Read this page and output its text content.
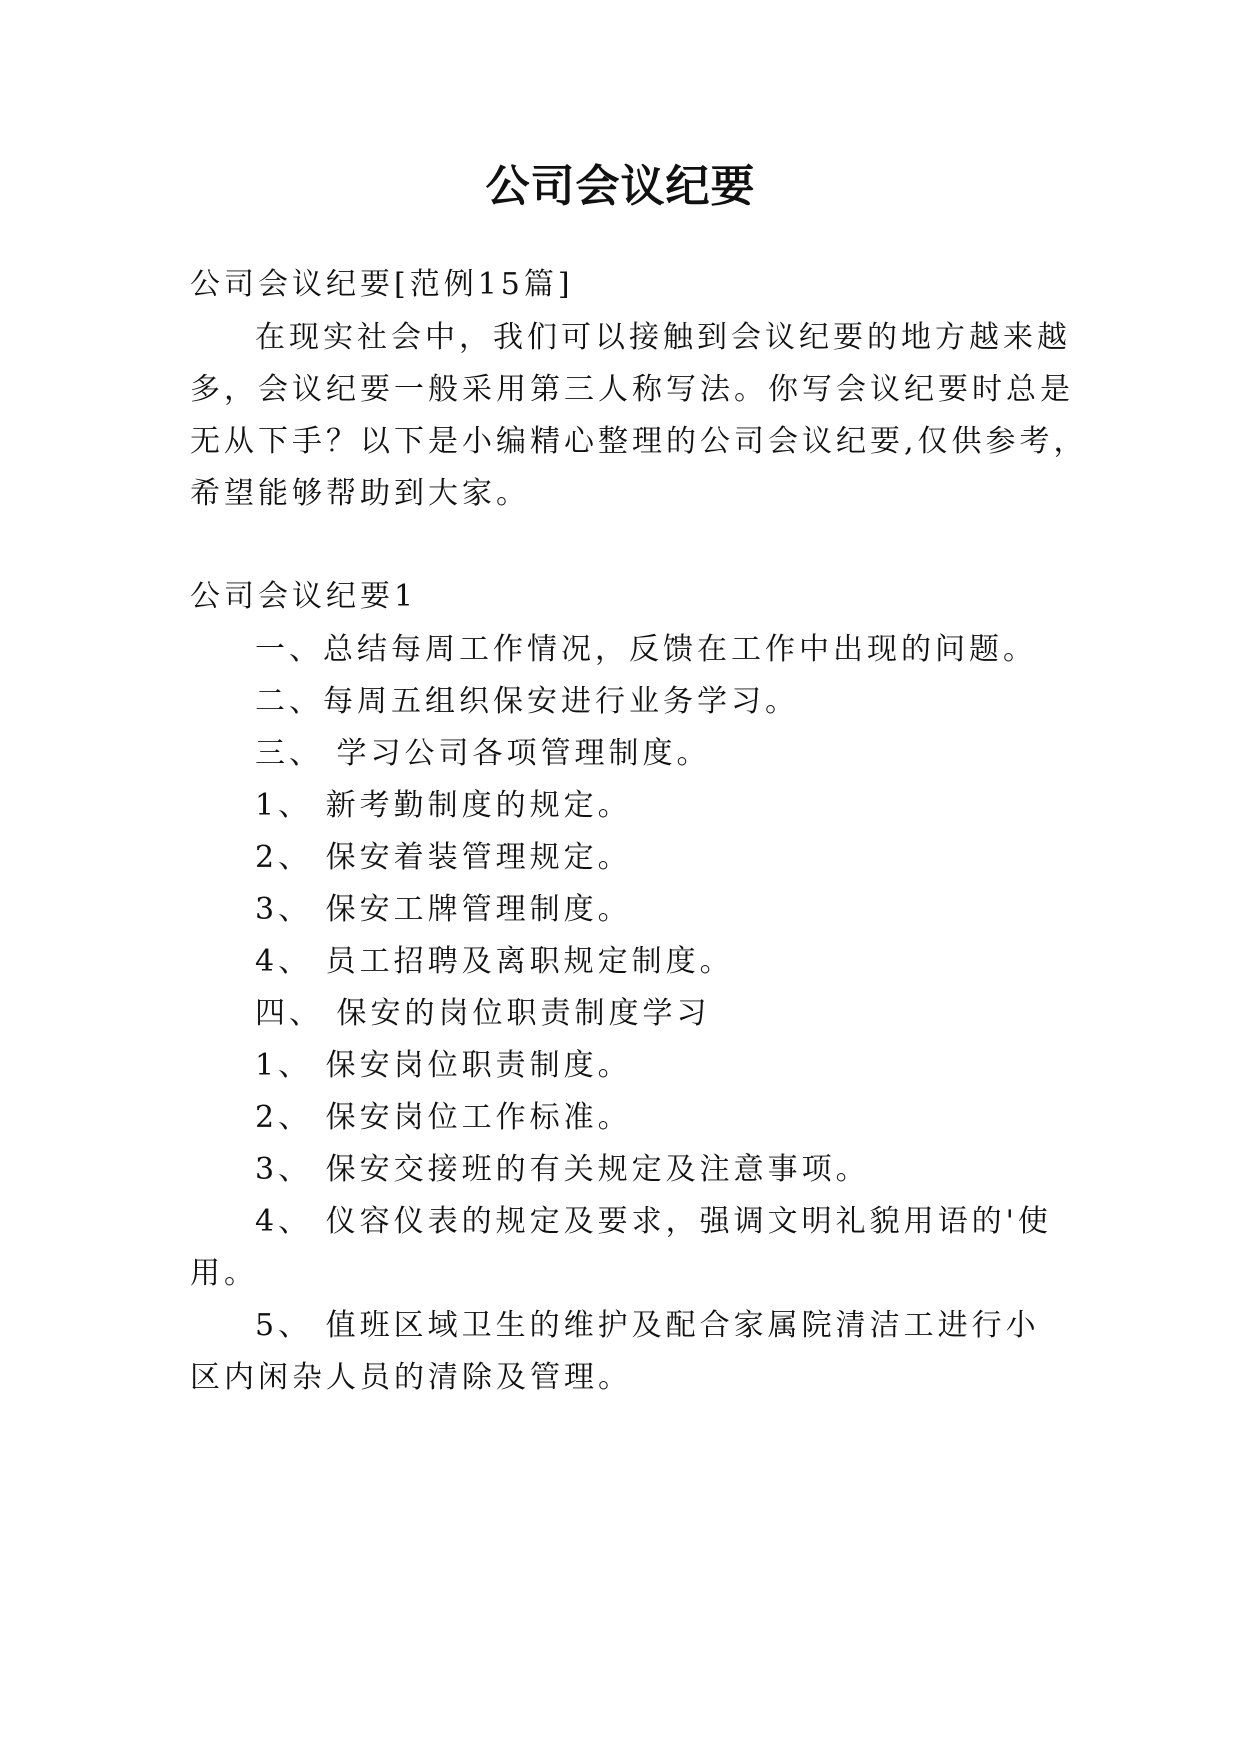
公司会议纪要
公司会议纪要[范例15篇]
在现实社会中，我们可以接触到会议纪要的地方越来越
多，会议纪要一般采用第三人称写法。你写会议纪要时总是
无从下手？以下是小编精心整理的公司会议纪要,仅供参考，
希望能够帮助到大家。
公司会议纪要1
一、总结每周工作情况，反馈在工作中出现的问题。
二、每周五组织保安进行业务学习。
三、 学习公司各项管理制度。
1、 新考勤制度的规定。
2、 保安着装管理规定。
3、 保安工牌管理制度。
4、 员工招聘及离职规定制度。
四、 保安的岗位职责制度学习
1、 保安岗位职责制度。
2、 保安岗位工作标准。
3、 保安交接班的有关规定及注意事项。
4、 仪容仪表的规定及要求，强调文明礼貌用语的'使
用。
5、 值班区域卫生的维护及配合家属院清洁工进行小
区内闲杂人员的清除及管理。
